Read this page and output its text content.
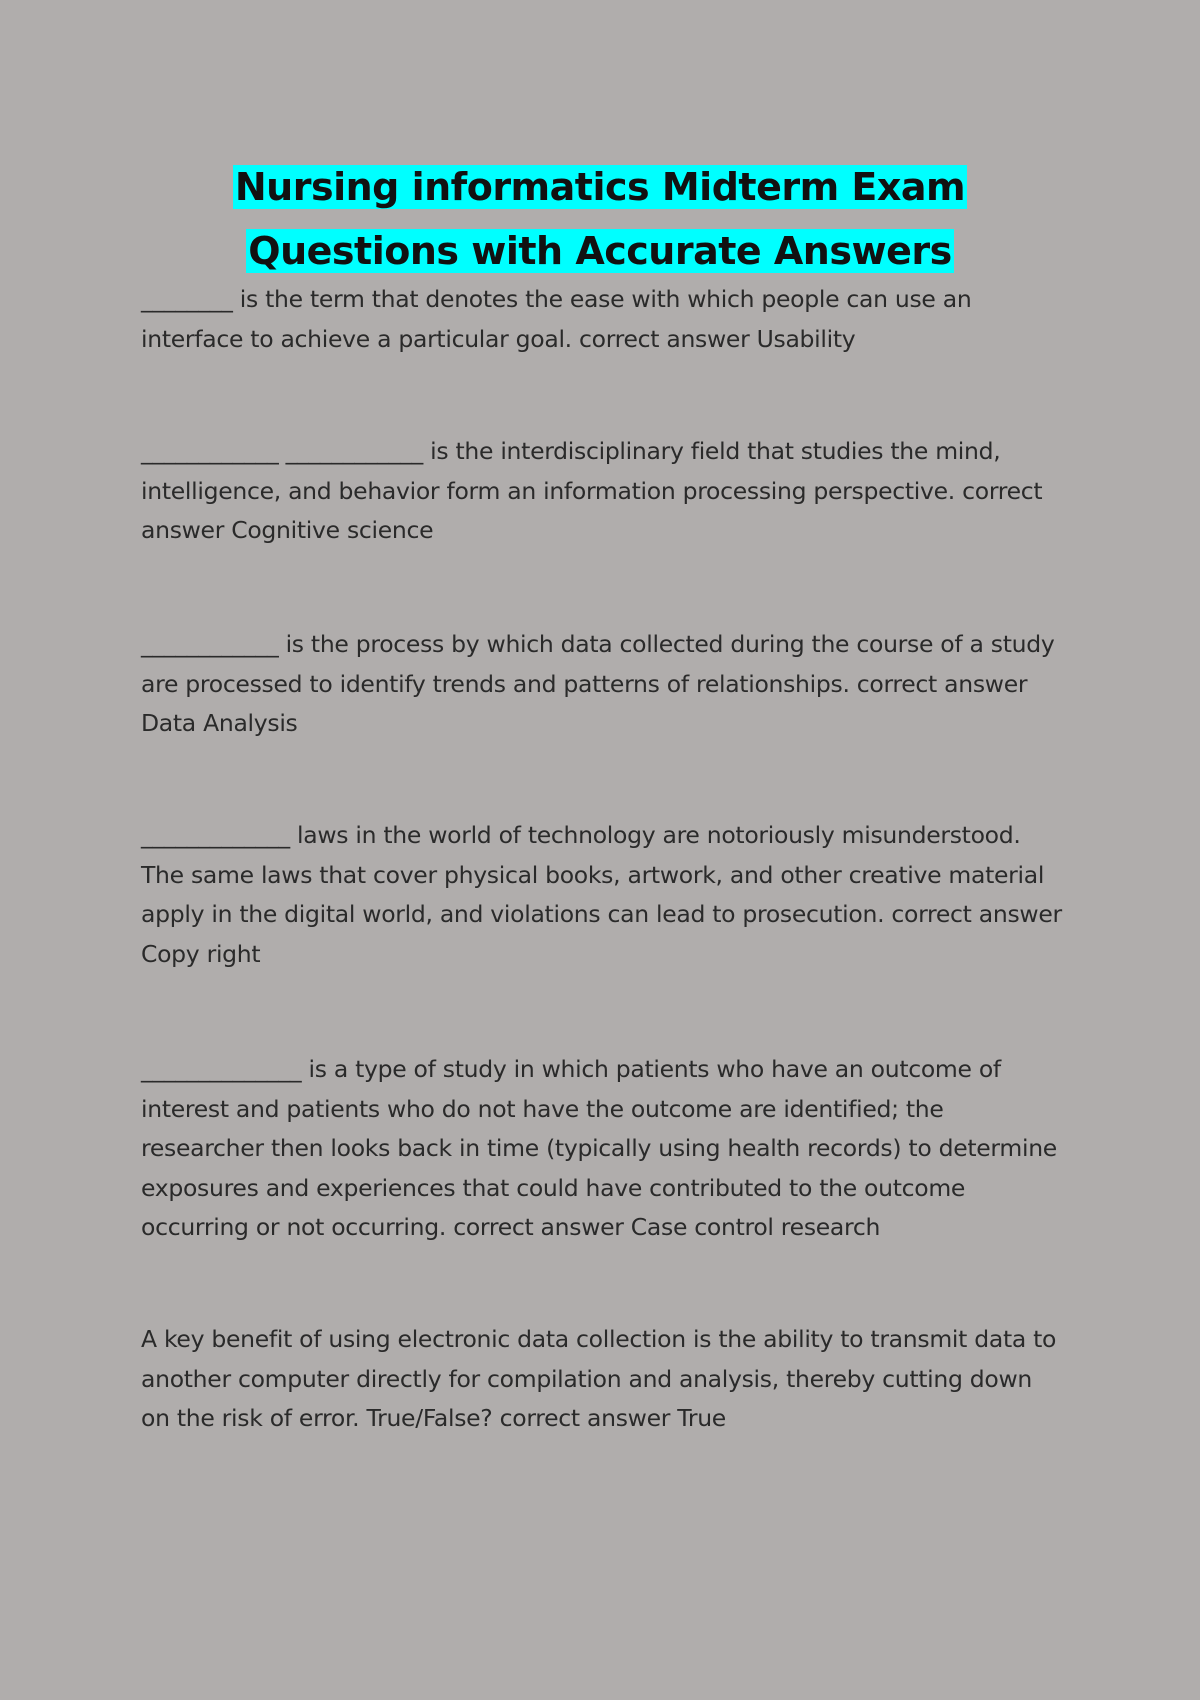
Nursing informatics Midterm Exam Questions with Accurate Answers
________ is the term that denotes the ease with which people can use an interface to achieve a particular goal. correct answer Usability
____________ ____________ is the interdisciplinary field that studies the mind, intelligence, and behavior form an information processing perspective. correct answer Cognitive science
____________ is the process by which data collected during the course of a study are processed to identify trends and patterns of relationships. correct answer Data Analysis
_____________ laws in the world of technology are notoriously misunderstood. The same laws that cover physical books, artwork, and other creative material apply in the digital world, and violations can lead to prosecution. correct answer Copy right
______________ is a type of study in which patients who have an outcome of interest and patients who do not have the outcome are identified; the researcher then looks back in time (typically using health records) to determine exposures and experiences that could have contributed to the outcome occurring or not occurring. correct answer Case control research
A key benefit of using electronic data collection is the ability to transmit data to another computer directly for compilation and analysis, thereby cutting down on the risk of error. True/False? correct answer True
